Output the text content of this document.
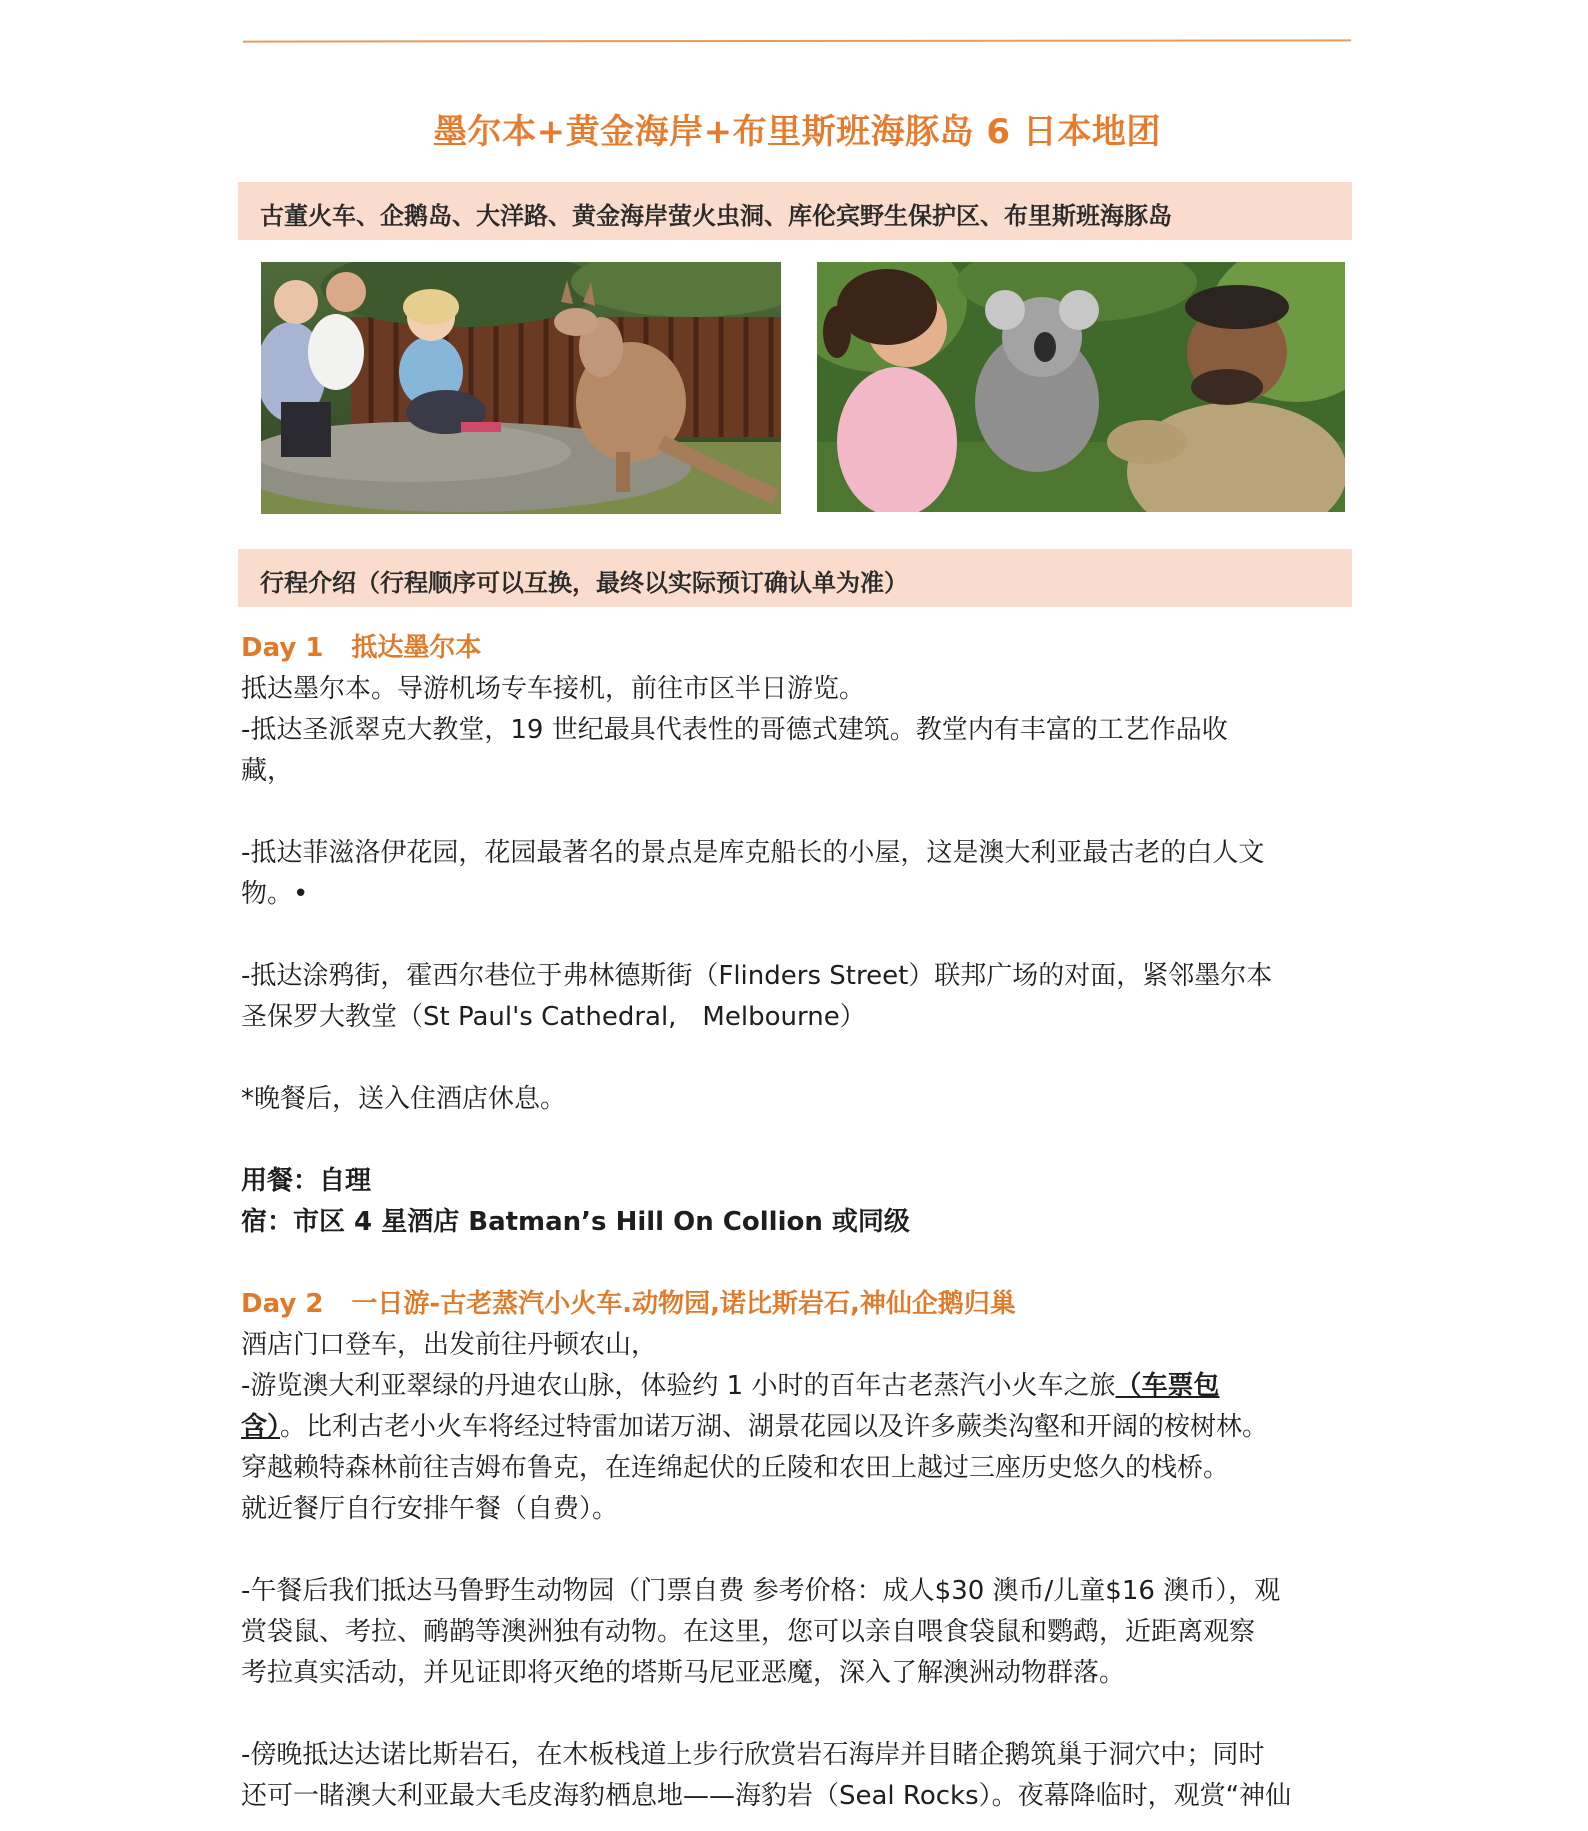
墨尔本+黄金海岸+布里斯班海豚岛 6 日本地团
古董火车、企鹅岛、大洋路、黄金海岸萤火虫洞、库伦宾野生保护区、布里斯班海豚岛
行程介绍（行程顺序可以互换，最终以实际预订确认单为准）
Day 1 抵达墨尔本

抵达墨尔本。导游机场专车接机，前往市区半日游览。

-抵达圣派翠克大教堂，19 世纪最具代表性的哥德式建筑。教堂内有丰富的工艺作品收

藏，

-抵达菲滋洛伊花园，花园最著名的景点是库克船长的小屋，这是澳大利亚最古老的白人文

物。•

-抵达涂鸦街，霍西尔巷位于弗林德斯街（Flinders Street）联邦广场的对面，紧邻墨尔本

圣保罗大教堂（St Paul's Cathedral,　Melbourne）

*晚餐后，送入住酒店休息。

用餐：自理

宿：市区 4 星酒店 Batman’s Hill On Collion 或同级

Day 2 一日游-古老蒸汽小火车.动物园,诺比斯岩石,神仙企鹅归巢

酒店门口登车，出发前往丹顿农山，

-游览澳大利亚翠绿的丹迪农山脉，体验约 1 小时的百年古老蒸汽小火车之旅（车票包

含）。比利古老小火车将经过特雷加诺万湖、湖景花园以及许多蕨类沟壑和开阔的桉树林。

穿越赖特森林前往吉姆布鲁克，在连绵起伏的丘陵和农田上越过三座历史悠久的栈桥。

就近餐厅自行安排午餐（自费）。

-午餐后我们抵达马鲁野生动物园（门票自费 参考价格：成人$30 澳币/儿童$16 澳币），观

赏袋鼠、考拉、鸸鹋等澳洲独有动物。在这里，您可以亲自喂食袋鼠和鹦鹉，近距离观察

考拉真实活动，并见证即将灭绝的塔斯马尼亚恶魔，深入了解澳洲动物群落。

-傍晚抵达达诺比斯岩石，在木板栈道上步行欣赏岩石海岸并目睹企鹅筑巢于洞穴中；同时

还可一睹澳大利亚最大毛皮海豹栖息地——海豹岩（Seal Rocks）。夜幕降临时，观赏“神仙
